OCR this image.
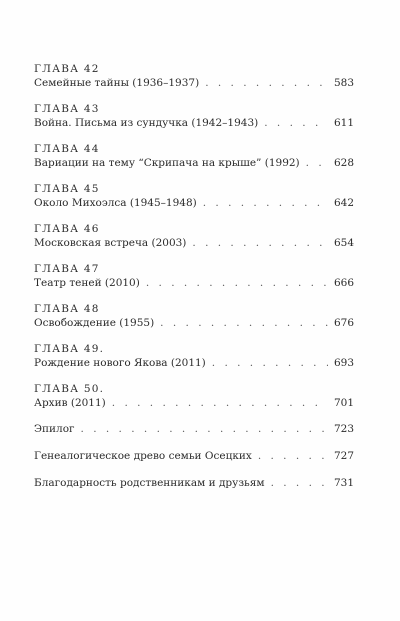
ГЛАВА 42
Семейные тайны (1936–1937) . . .	583
ГЛАВА 43
Война. Письма из сундучка (1942–1943) . . .	611
ГЛАВА 44
Вариации на тему “Скрипача на крыше” (1992) . . .	628
ГЛАВА 45
Около Михоэлса (1945–1948) . . .	642
ГЛАВА 46
Московская встреча (2003) . . .	654
ГЛАВА 47
Театр теней (2010) . . .	666
ГЛАВА 48
Освобождение (1955) . . .	676
ГЛАВА 49.
Рождение нового Якова (2011) . . .	693
ГЛАВА 50.
Архив (2011) . . .	701
Эпилог . . .	723
Генеалогическое древо семьи Осецких . . .	727
Благодарность родственникам и друзьям . . .	731
